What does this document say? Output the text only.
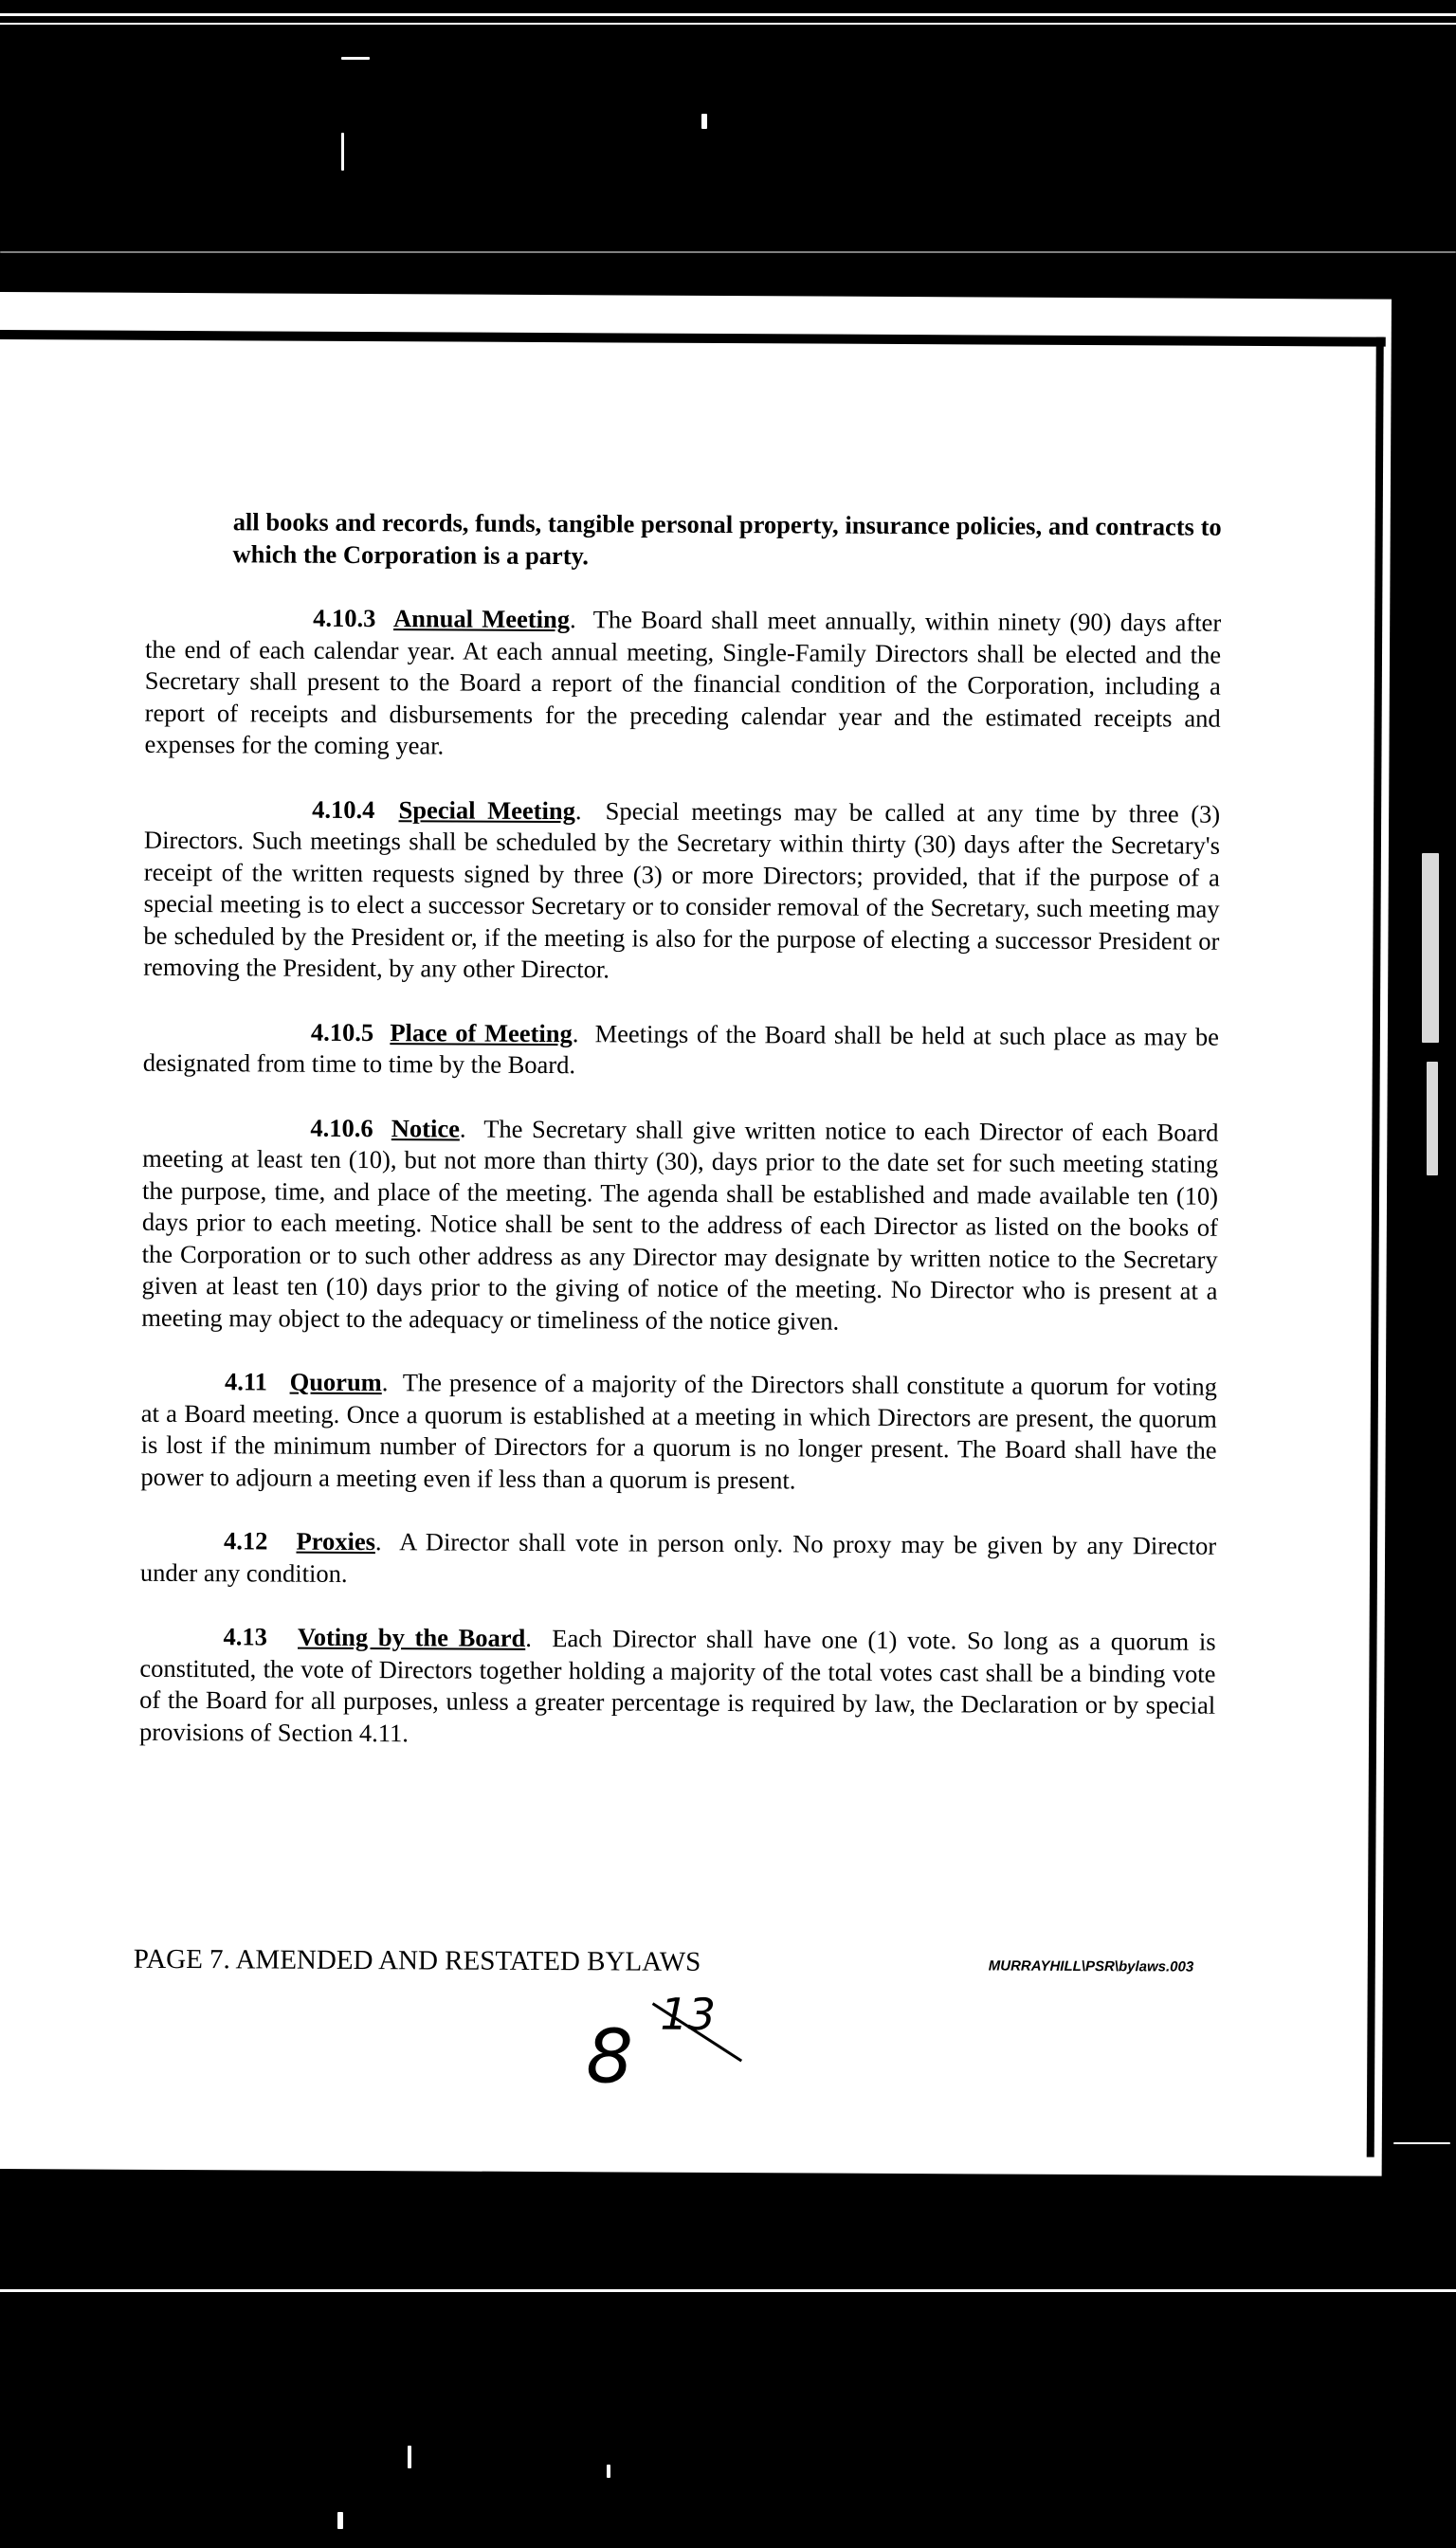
all books and records, funds, tangible personal property, insurance policies, and contracts to which the Corporation is a party.

4.10.3 Annual Meeting.  The Board shall meet annually, within ninety (90) days after the end of each calendar year. At each annual meeting, Single-Family Directors shall be elected and the Secretary shall present to the Board a report of the financial condition of the Corporation, including a report of receipts and disbursements for the preceding calendar year and the estimated receipts and expenses for the coming year.

4.10.4 Special Meeting.  Special meetings may be called at any time by three (3) Directors. Such meetings shall be scheduled by the Secretary within thirty (30) days after the Secretary's receipt of the written requests signed by three (3) or more Directors; provided, that if the purpose of a special meeting is to elect a successor Secretary or to consider removal of the Secretary, such meeting may be scheduled by the President or, if the meeting is also for the purpose of electing a successor President or removing the President, by any other Director.

4.10.5 Place of Meeting.  Meetings of the Board shall be held at such place as may be designated from time to time by the Board.

4.10.6 Notice.  The Secretary shall give written notice to each Director of each Board meeting at least ten (10), but not more than thirty (30), days prior to the date set for such meeting stating the purpose, time, and place of the meeting. The agenda shall be established and made available ten (10) days prior to each meeting. Notice shall be sent to the address of each Director as listed on the books of the Corporation or to such other address as any Director may designate by written notice to the Secretary given at least ten (10) days prior to the giving of notice of the meeting. No Director who is present at a meeting may object to the adequacy or timeliness of the notice given.

4.11 Quorum.  The presence of a majority of the Directors shall constitute a quorum for voting at a Board meeting. Once a quorum is established at a meeting in which Directors are present, the quorum is lost if the minimum number of Directors for a quorum is no longer present. The Board shall have the power to adjourn a meeting even if less than a quorum is present.

4.12 Proxies.  A Director shall vote in person only. No proxy may be given by any Director under any condition.

4.13 Voting by the Board.  Each Director shall have one (1) vote. So long as a quorum is constituted, the vote of Directors together holding a majority of the total votes cast shall be a binding vote of the Board for all purposes, unless a greater percentage is required by law, the Declaration or by special provisions of Section 4.11.

PAGE 7. AMENDED AND RESTATED BYLAWS	MURRAYHILL\PSR\bylaws.003
8
13
